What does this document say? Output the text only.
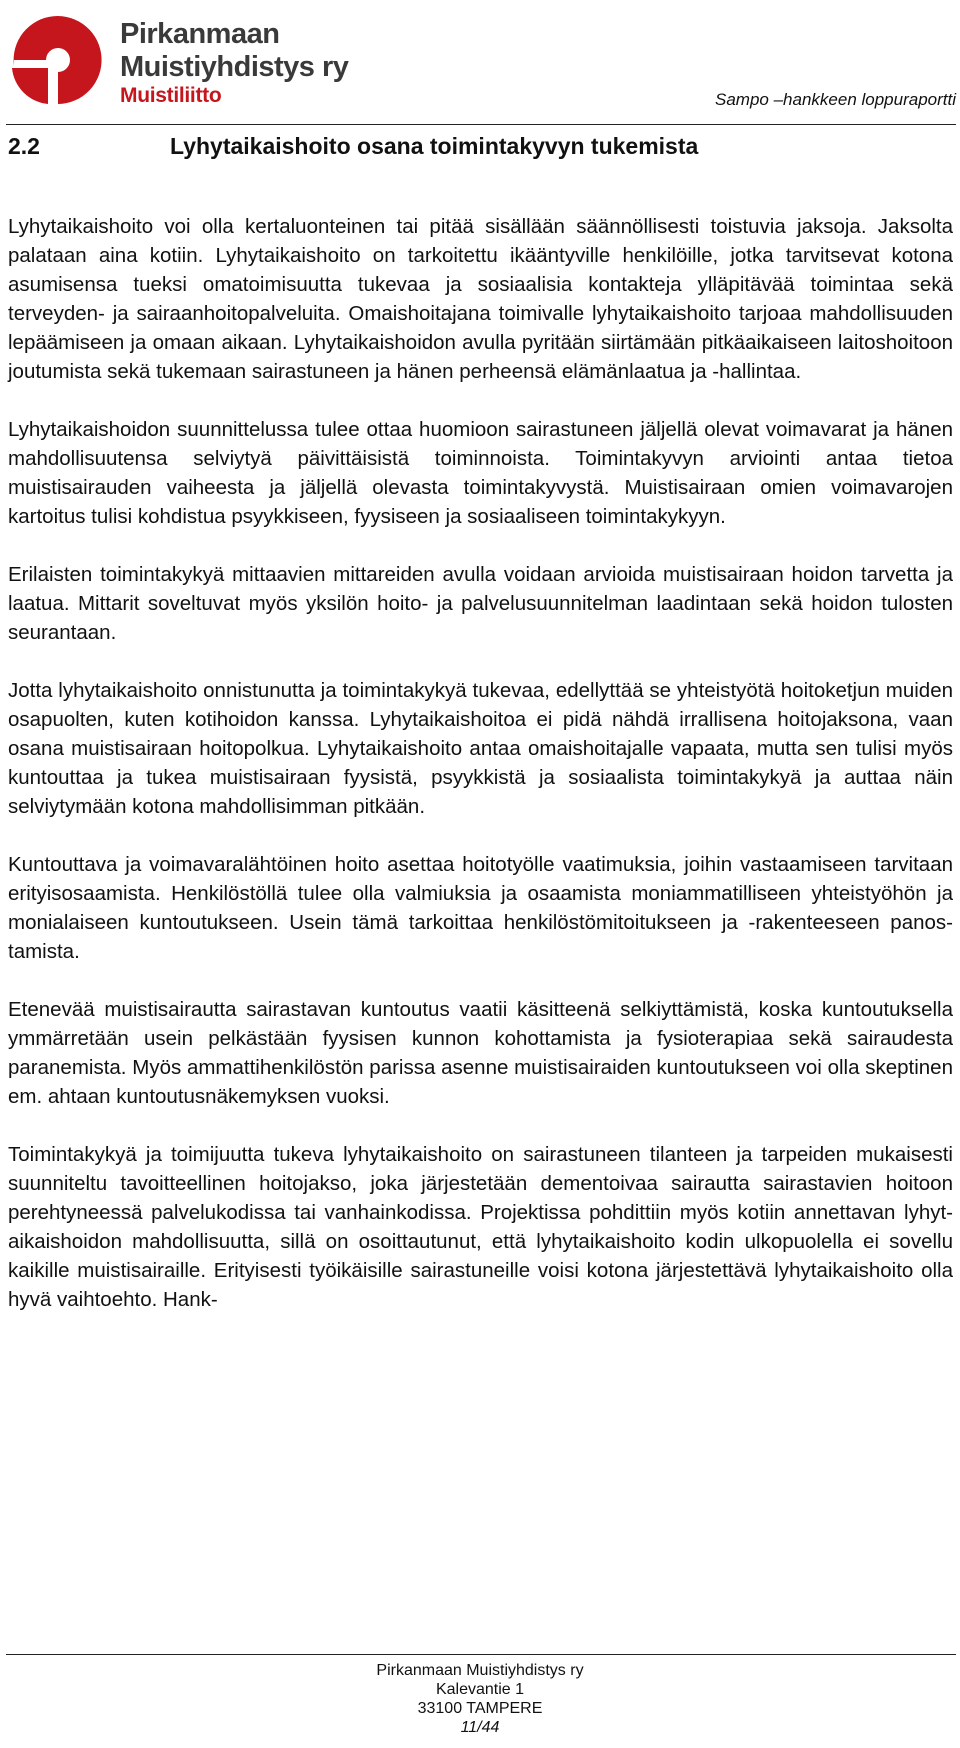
Pirkanmaan
Muistiyhdistys ry
Muistiliitto	Sampo –hankkeen loppuraportti
2.2	Lyhytaikaishoito osana toimintakyvyn tukemista

Lyhytaikaishoito voi olla kertaluonteinen tai pitää sisällään säännöllisesti toistuvia jaksoja. Jaksolta palataan aina kotiin. Lyhytaikaishoito on tarkoitettu ikääntyville henkilöille, jotka tarvitsevat kotona asumisensa tueksi omatoimisuutta tukevaa ja sosiaalisia kontakteja ylläpitävää toimintaa sekä terveyden- ja sairaanhoitopalveluita. Omaishoitajana toimivalle lyhytaikaishoito tarjoaa mahdollisuuden lepäämiseen ja omaan aikaan. Lyhytaikaishoidon avulla pyritään siirtämään pitkäaikaiseen laitoshoitoon joutumista sekä tukemaan sairastuneen ja hänen perheensä elämänlaatua ja -hallintaa.

Lyhytaikaishoidon suunnittelussa tulee ottaa huomioon sairastuneen jäljellä olevat voimavarat ja hänen mahdollisuutensa selviytyä päivittäisistä toiminnoista. Toimintakyvyn arviointi antaa tietoa muistisairauden vaiheesta ja jäljellä olevasta toimintakyvystä. Muistisairaan omien voimavarojen kartoitus tulisi kohdistua psyykkiseen, fyysiseen ja sosiaaliseen toimintakykyyn.

Erilaisten toimintakykyä mittaavien mittareiden avulla voidaan arvioida muistisairaan hoidon tarvetta ja laatua. Mittarit soveltuvat myös yksilön hoito- ja palvelusuunnitelman laadintaan sekä hoidon tulosten seurantaan.

Jotta lyhytaikaishoito onnistunutta ja toimintakykyä tukevaa, edellyttää se yhteistyötä hoitoketjun muiden osapuolten, kuten kotihoidon kanssa. Lyhytaikaishoitoa ei pidä nähdä irrallisena hoitojaksona, vaan osana muistisairaan hoitopolkua. Lyhytaikaishoito antaa omaishoitajalle vapaata, mutta sen tulisi myös kuntouttaa ja tukea muistisairaan fyysistä, psyykkistä ja sosiaalista toimintakykyä ja auttaa näin selviytymään kotona mahdollisimman pitkään.

Kuntouttava ja voimavaralähtöinen hoito asettaa hoitotyölle vaatimuksia, joihin vastaamiseen tarvitaan erityisosaamista. Henkilöstöllä tulee olla valmiuksia ja osaamista moniammatilliseen yhteistyöhön ja monialaiseen kuntoutukseen. Usein tämä tarkoittaa henkilöstömitoitukseen ja -rakenteeseen panostamista.

Etenevää muistisairautta sairastavan kuntoutus vaatii käsitteenä selkiyttämistä, koska kuntoutuksella ymmärretään usein pelkästään fyysisen kunnon kohottamista ja fysioterapiaa sekä sairaudesta paranemista. Myös ammattihenkilöstön parissa asenne muistisairaiden kuntoutukseen voi olla skeptinen em. ahtaan kuntoutusnäkemyksen vuoksi.

Toimintakykyä ja toimijuutta tukeva lyhytaikaishoito on sairastuneen tilanteen ja tarpeiden mukaisesti suunniteltu tavoitteellinen hoitojakso, joka järjestetään dementoivaa sairautta sairastavien hoitoon perehtyneessä palvelukodissa tai vanhainkodissa. Projektissa pohdittiin myös kotiin annettavan lyhytaikaishoidon mahdollisuutta, sillä on osoittautunut, että lyhytaikaishoito kodin ulkopuolella ei sovellu kaikille muistisairaille. Erityisesti työikäisille sairastuneille voisi kotona järjestettävä lyhytaikaishoito olla hyvä vaihtoehto. Hank-

Pirkanmaan Muistiyhdistys ry
Kalevantie 1
33100 TAMPERE
11/44
